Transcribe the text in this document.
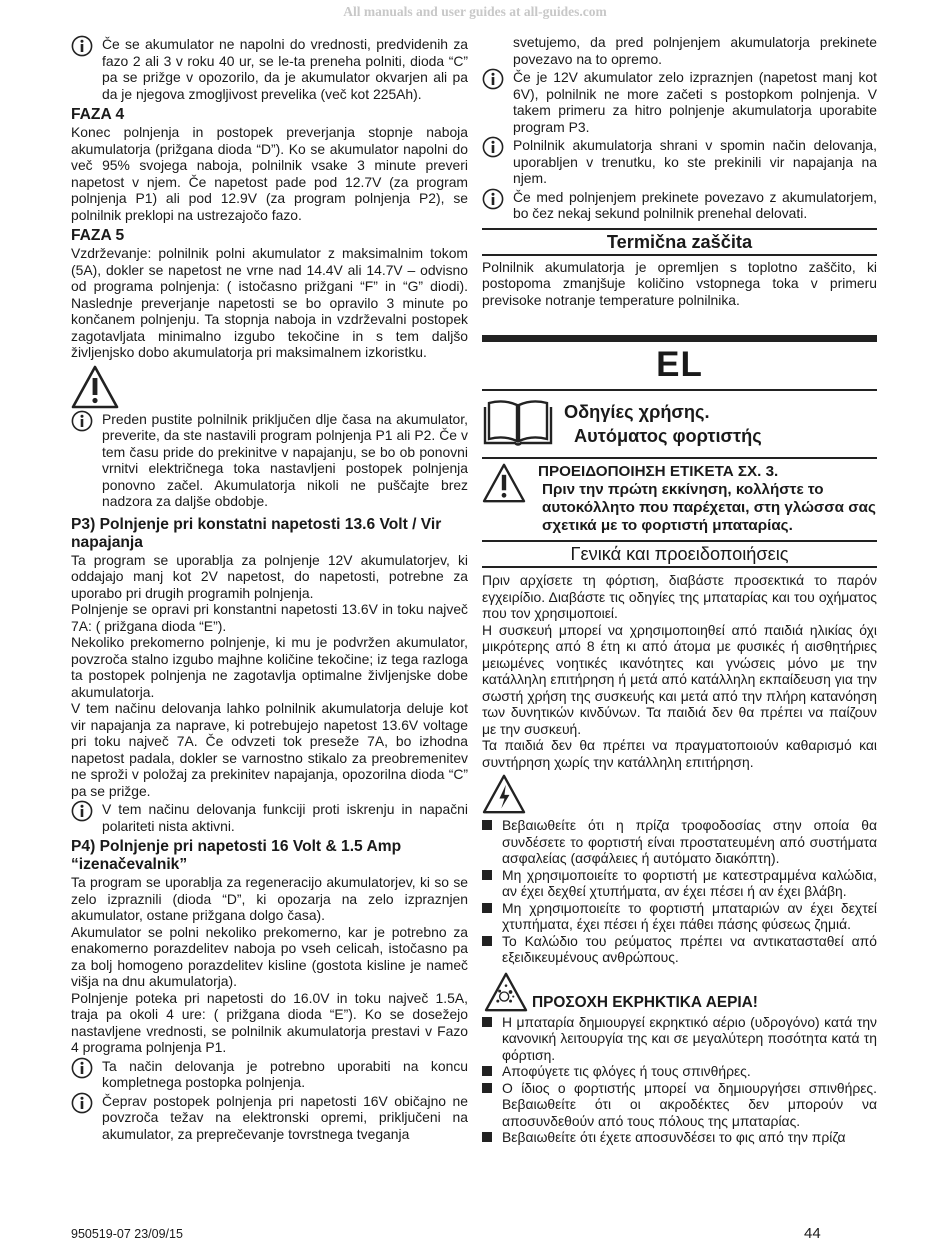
All manuals and user guides at all-guides.com

Če se akumulator ne napolni do vrednosti, predvidenih za fazo 2 ali 3 v roku 40 ur, se le-ta preneha polniti, dioda “C” pa se prižge v opozorilo, da je akumulator okvarjen ali pa da je njegova zmogljivost prevelika (več kot 225Ah).

FAZA 4

Konec polnjenja in postopek preverjanja stopnje naboja akumulatorja (prižgana dioda “D”). Ko se akumulator napolni do več 95% svojega naboja, polnilnik vsake 3 minute preveri napetost v njem. Če napetost pade pod 12.7V (za program polnjenja P1) ali pod 12.9V (za program polnjenja P2), se polnilnik preklopi na ustrezajočo fazo.

FAZA 5

Vzdrževanje: polnilnik polni akumulator z maksimalnim tokom (5A), dokler se napetost ne vrne nad 14.4V ali 14.7V – odvisno od programa polnjenja: ( istočasno prižgani “F” in “G” diodi). Naslednje preverjanje napetosti se bo opravilo 3 minute po končanem polnjenju. Ta stopnja naboja in vzdrževalni postopek zagotavljata minimalno izgubo tekočine in s tem daljšo življenjsko dobo akumulatorja pri maksimalnem izkoristku.

Preden pustite polnilnik priključen dlje časa na akumulator, preverite, da ste nastavili program polnjenja P1 ali P2. Če v tem času pride do prekinitve v napajanju, se bo ob ponovni vrnitvi električnega toka nastavljeni postopek polnjenja ponovno začel. Akumulatorja nikoli ne puščajte brez nadzora za daljše obdobje.

P3) Polnjenje pri konstatni napetosti 13.6 Volt / Vir napajanja

Ta program se uporablja za polnjenje 12V akumulatorjev, ki oddajajo manj kot 2V napetost, do napetosti, potrebne za uporabo pri drugih programih polnjenja.

Polnjenje se opravi pri konstantni napetosti 13.6V in toku največ 7A: ( prižgana dioda “E”).

Nekoliko prekomerno polnjenje, ki mu je podvržen akumulator, povzroča stalno izgubo majhne količine tekočine; iz tega razloga ta postopek polnjenja ne zagotavlja optimalne življenjske dobe akumulatorja.

V tem načinu delovanja lahko polnilnik akumulatorja deluje kot vir napajanja za naprave, ki potrebujejo napetost 13.6V voltage pri toku največ 7A. Če odvzeti tok preseže 7A, bo izhodna napetost padala, dokler se varnostno stikalo za preobremenitev ne sproži v položaj za prekinitev napajanja, opozorilna dioda “C” pa se prižge.

V tem načinu delovanja funkciji proti iskrenju in napačni polariteti nista aktivni.

P4) Polnjenje pri napetosti 16 Volt & 1.5 Amp “izenačevalnik”

Ta program se uporablja za regeneracijo akumulatorjev, ki so se zelo izpraznili (dioda “D”, ki opozarja na zelo izpraznjen akumulator, ostane prižgana dolgo časa).

Akumulator se polni nekoliko prekomerno, kar je potrebno za enakomerno porazdelitev naboja po vseh celicah, istočasno pa za bolj homogeno porazdelitev kisline (gostota kisline je nameč višja na dnu akumulatorja).

Polnjenje poteka pri napetosti do 16.0V in toku največ 1.5A, traja pa okoli 4 ure: ( prižgana dioda “E”). Ko se dosežejo nastavljene vrednosti, se polnilnik akumulatorja prestavi v Fazo 4 programa polnjenja P1.

Ta način delovanja je potrebno uporabiti na koncu kompletnega postopka polnjenja.

Čeprav postopek polnjenja pri napetosti 16V običajno ne povzroča težav na elektronski opremi, priključeni na akumulator, za preprečevanje tovrstnega tveganja

svetujemo, da pred polnjenjem akumulatorja prekinete povezavo na to opremo.

Če je 12V akumulator zelo izpraznjen (napetost manj kot 6V), polnilnik ne more začeti s postopkom polnjenja. V takem primeru za hitro polnjenje akumulatorja uporabite program P3.

Polnilnik akumulatorja shrani v spomin način delovanja, uporabljen v trenutku, ko ste prekinili vir napajanja na njem.

Če med polnjenjem prekinete povezavo z akumulatorjem, bo čez nekaj sekund polnilnik prenehal delovati.

Termična zaščita

Polnilnik akumulatorja je opremljen s toplotno zaščito, ki postopoma zmanjšuje količino vstopnega toka v primeru previsoke notranje temperature polnilnika.

EL
Οδηγίες χρήσης.
Αυτόματος φορτιστής
ΠΡΟΕΙΔΟΠΟΙΗΣΗ ΕΤΙΚΕΤΑ ΣΧ. 3.
Πριν την πρώτη εκκίνηση, κολλήστε το αυτοκόλλητο που παρέχεται, στη γλώσσα σας σχετικά με το φορτιστή μπαταρίας.
Γενικά και προειδοποιήσεις

Πριν αρχίσετε τη φόρτιση, διαβάστε προσεκτικά το παρόν εγχειρίδιο. Διαβάστε τις οδηγίες της μπαταρίας και του οχήματος που τον χρησιμοποιεί.

Η συσκευή μπορεί να χρησιμοποιηθεί από παιδιά ηλικίας όχι μικρότερης από 8 έτη κι από άτομα με φυσικές ή αισθητήριες μειωμένες νοητικές ικανότητες και γνώσεις μόνο με την κατάλληλη επιτήρηση ή μετά από κατάλληλη εκπαίδευση για την σωστή χρήση της συσκευής και μετά από την πλήρη κατανόηση των δυνητικών κινδύνων. Τα παιδιά δεν θα πρέπει να παίζουν με την συσκευή.

Τα παιδιά δεν θα πρέπει να πραγματοποιούν καθαρισμό και συντήρηση χωρίς την κατάλληλη επιτήρηση.

Βεβαιωθείτε ότι η πρίζα τροφοδοσίας στην οποία θα συνδέσετε το φορτιστή είναι προστατευμένη από συστήματα ασφαλείας (ασφάλειες ή αυτόματο διακόπτη).

Μη χρησιμοποιείτε το φορτιστή με κατεστραμμένα καλώδια, αν έχει δεχθεί χτυπήματα, αν έχει πέσει ή αν έχει βλάβη.

Μη χρησιμοποιείτε το φορτιστή μπαταριών αν έχει δεχτεί χτυπήματα, έχει πέσει ή έχει πάθει πάσης φύσεως ζημιά.

Το Καλώδιο του ρεύματος πρέπει να αντικατασταθεί από εξειδικευμένους ανθρώπους.

ΠΡΟΣΟΧΗ ΕΚΡΗΚΤΙΚΑ ΑΕΡΙΑ!

Η μπαταρία δημιουργεί εκρηκτικό αέριο (υδρογόνο) κατά την κανονική λειτουργία της και σε μεγαλύτερη ποσότητα κατά τη φόρτιση.

Αποφύγετε τις φλόγες ή τους σπινθήρες.

Ο ίδιος ο φορτιστής μπορεί να δημιουργήσει σπινθήρες. Βεβαιωθείτε ότι οι ακροδέκτες δεν μπορούν να αποσυνδεθούν από τους πόλους της μπαταρίας.

Βεβαιωθείτε ότι έχετε αποσυνδέσει το φις από την πρίζα

950519-07 23/09/15	44
